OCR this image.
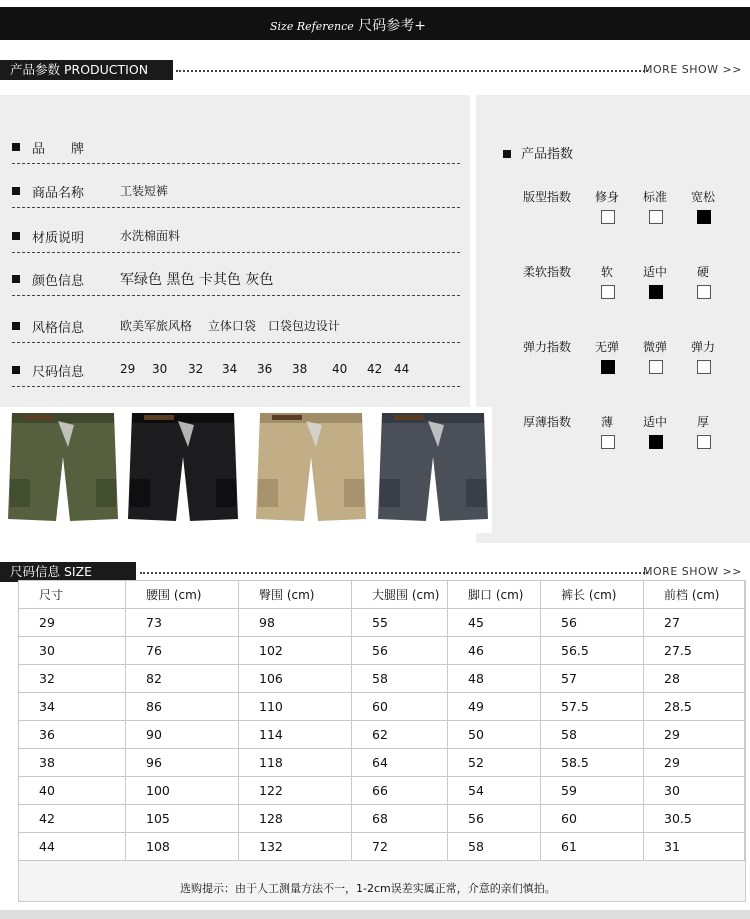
Size Reference 尺码参考+
产品参数 PRODUCTION	MORE SHOW >>
品　　牌
商品名称	工装短裤
材质说明	水洗棉面料
颜色信息	军绿色 黑色 卡其色 灰色
风格信息	欧美军旅风格　 立体口袋　口袋包边设计
尺码信息	29 30 32 34 36 38 40 42 44
产品指数
版型指数	修身	标准	宽松
柔软指数	软	适中	硬
弹力指数	无弹	微弹	弹力
厚薄指数	薄	适中	厚
尺码信息 SIZE	MORE SHOW >>
尺寸	腰围 (cm)	臀围 (cm)	大腿围 (cm)	脚口 (cm)	裤长 (cm)	前档 (cm)
29	73	98	55	45	56	27
30	76	102	56	46	56.5	27.5
32	82	106	58	48	57	28
34	86	110	60	49	57.5	28.5
36	90	114	62	50	58	29
38	96	118	64	52	58.5	29
40	100	122	66	54	59	30
42	105	128	68	56	60	30.5
44	108	132	72	58	61	31
选购提示：由于人工测量方法不一，1-2cm误差实属正常，介意的亲们慎拍。
